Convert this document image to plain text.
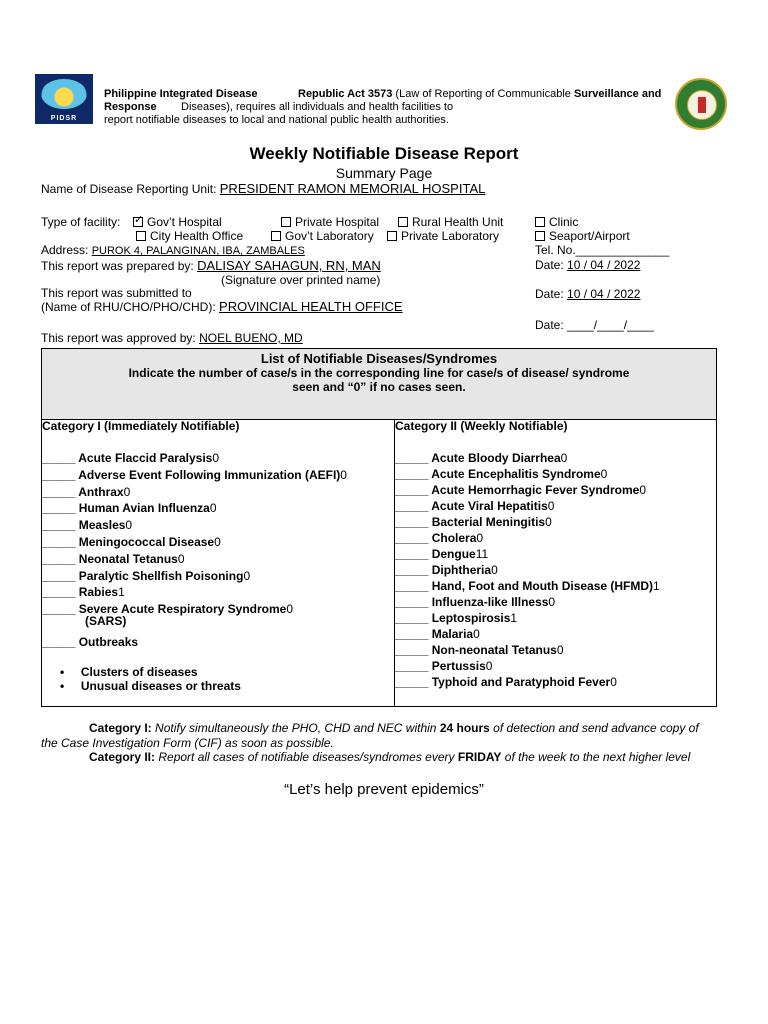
PIDSR
Philippine Integrated Disease
Response
Republic Act 3573 (Law of Reporting of Communicable Surveillance and
Diseases), requires all individuals and health facilities to
report notifiable diseases to local and national public health authorities.
Weekly Notifiable Disease Report
Summary Page
Name of Disease Reporting Unit: PRESIDENT RAMON MEMORIAL HOSPITAL
Type of facility:
✓	Gov’t Hospital	Private Hospital	Rural Health Unit	Clinic
City Health Office	Gov’t Laboratory	Private Laboratory	Seaport/Airport
Address: PUROK 4, PALANGINAN, IBA, ZAMBALES	Tel. No.______________
This report was prepared by: DALISAY SAHAGUN, RN, MAN	Date: 10 / 04 / 2022
(Signature over printed name)
This report was submitted to
(Name of RHU/CHO/PHO/CHD): PROVINCIAL HEALTH OFFICE
Date: 10 / 04 / 2022
Date: ____/____/____
This report was approved by: NOEL BUENO, MD
List of Notifiable Diseases/Syndromes
Indicate the number of case/s in the corresponding line for case/s of disease/ syndrome
seen and “0” if no cases seen.
Category I (Immediately Notifiable)	Category II (Weekly Notifiable)
_____ Acute Flaccid Paralysis0
_____ Adverse Event Following Immunization (AEFI)0
_____ Anthrax0
_____ Human Avian Influenza0
_____ Measles0
_____ Meningococcal Disease0
_____ Neonatal Tetanus0
_____ Paralytic Shellfish Poisoning0
_____ Rabies1
_____ Severe Acute Respiratory Syndrome0
(SARS)
_____ Acute Bloody Diarrhea0
_____ Acute Encephalitis Syndrome0
_____ Acute Hemorrhagic Fever Syndrome0
_____ Acute Viral Hepatitis0
_____ Bacterial Meningitis0
_____ Cholera0
_____ Dengue11
_____ Diphtheria0
_____ Hand, Foot and Mouth Disease (HFMD)1
_____ Influenza-like Illness0
_____ Leptospirosis1
_____ Malaria0
_____ Non-neonatal Tetanus0
_____ Pertussis0
_____ Typhoid and Paratyphoid Fever0
_____ Outbreaks
•     Clusters of diseases
•     Unusual diseases or threats
Category I: Notify simultaneously the PHO, CHD and NEC within 24 hours of detection and send advance copy of the Case Investigation Form (CIF) as soon as possible.
Category II: Report all cases of notifiable diseases/syndromes every FRIDAY of the week to the next higher level
“Let’s help prevent epidemics”
